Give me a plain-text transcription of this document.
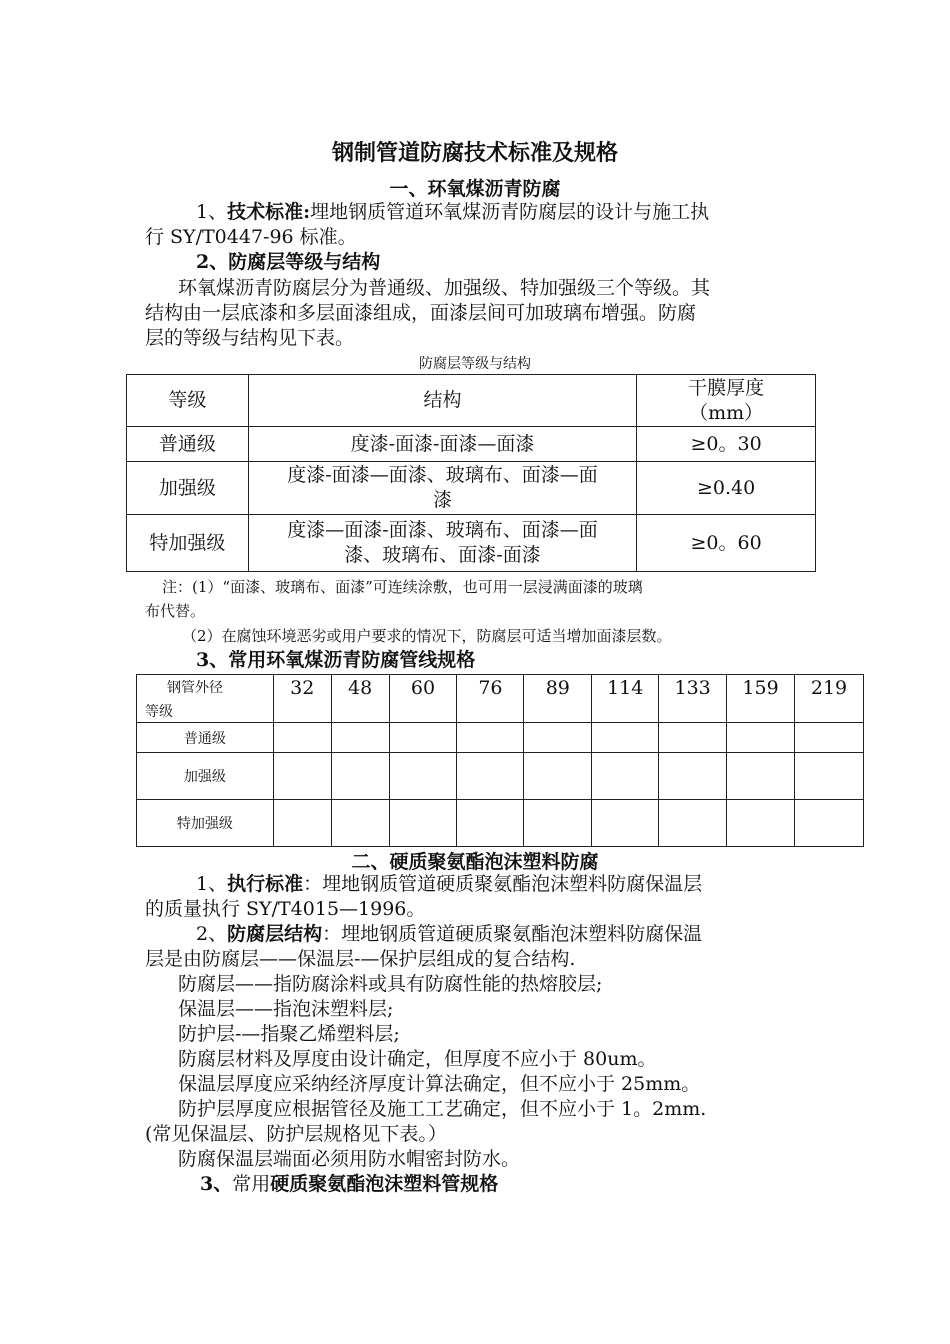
钢制管道防腐技术标准及规格
一、环氧煤沥青防腐
1、技术标准:埋地钢质管道环氧煤沥青防腐层的设计与施工执
行 SY/T0447-96 标准。
2、防腐层等级与结构
环氧煤沥青防腐层分为普通级、加强级、特加强级三个等级。其
结构由一层底漆和多层面漆组成，面漆层间可加玻璃布增强。防腐
层的等级与结构见下表。
防腐层等级与结构
等级	结构	干膜厚度
（mm）

普通级	度漆-面漆-面漆—面漆	≥0。30
加强级	度漆-面漆—面漆、玻璃布、面漆—面
漆	≥0.40
特加强级	度漆—面漆-面漆、玻璃布、面漆—面
漆、玻璃布、面漆-面漆	≥0。60
注：(1）“面漆、玻璃布、面漆”可连续涂敷，也可用一层浸满面漆的玻璃
布代替。
（2）在腐蚀环境恶劣或用户要求的情况下，防腐层可适当增加面漆层数。
3、常用环氧煤沥青防腐管线规格
钢管外径
等级	32	48	60	76	89	114	133	159	219
普通级									
加强级									
特加强级									
二、硬质聚氨酯泡沫塑料防腐
1、执行标准：埋地钢质管道硬质聚氨酯泡沫塑料防腐保温层
的质量执行 SY/T4015—1996。
2、防腐层结构：埋地钢质管道硬质聚氨酯泡沫塑料防腐保温
层是由防腐层——保温层-—保护层组成的复合结构.
防腐层——指防腐涂料或具有防腐性能的热熔胶层;
保温层——指泡沫塑料层;
防护层-—指聚乙烯塑料层;
防腐层材料及厚度由设计确定，但厚度不应小于 80um。
保温层厚度应采纳经济厚度计算法确定，但不应小于 25mm。
防护层厚度应根据管径及施工工艺确定，但不应小于 1。2mm.
(常见保温层、防护层规格见下表。）
防腐保温层端面必须用防水帽密封防水。
3、常用硬质聚氨酯泡沫塑料管规格
